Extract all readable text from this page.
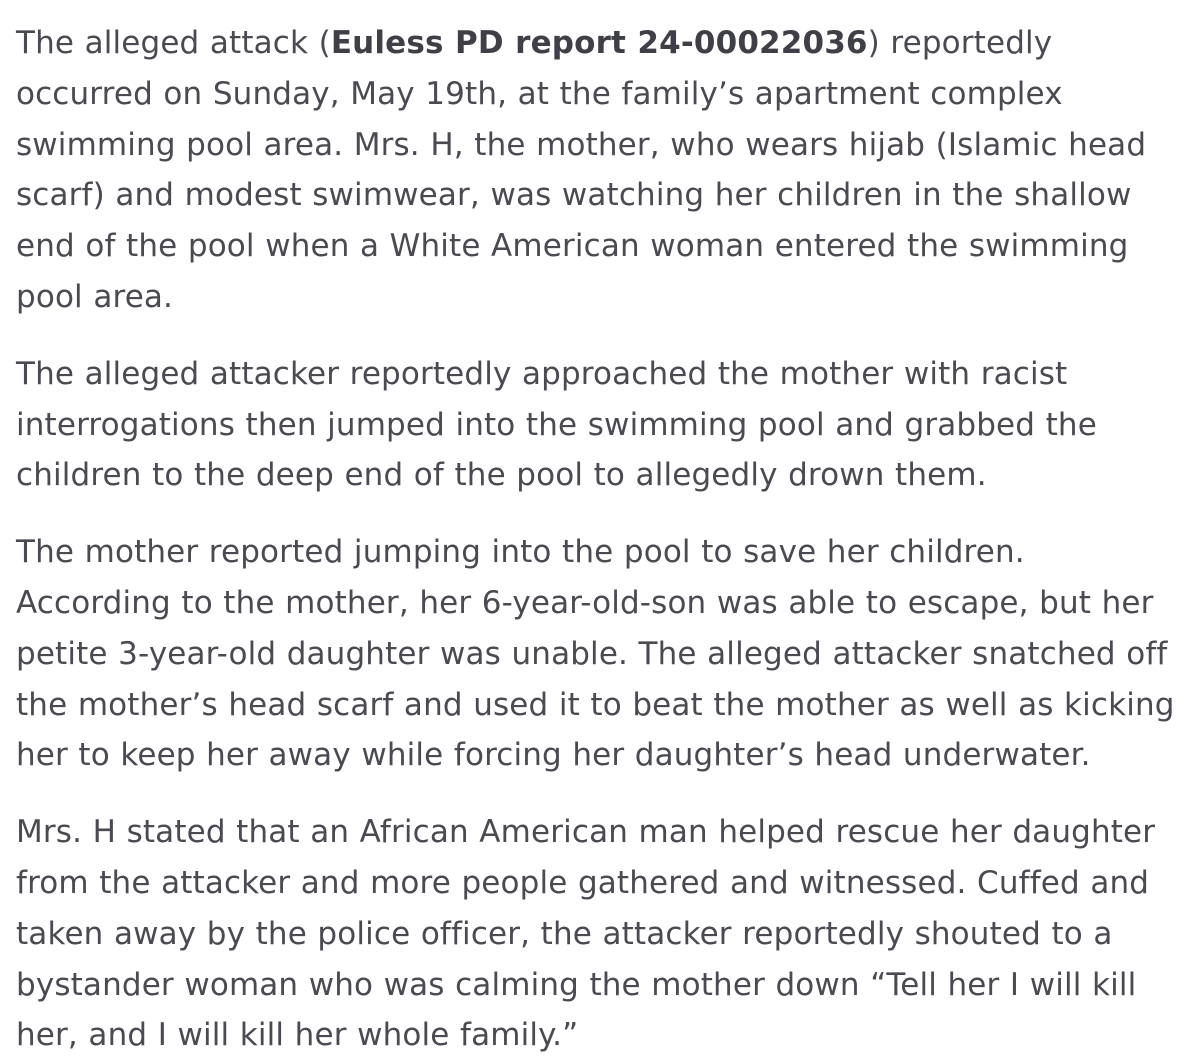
The alleged attack (Euless PD report 24-00022036) reportedly occurred on Sunday, May 19th, at the family’s apartment complex swimming pool area. Mrs. H, the mother, who wears hijab (Islamic head scarf) and modest swimwear, was watching her children in the shallow end of the pool when a White American woman entered the swimming pool area.

The alleged attacker reportedly approached the mother with racist interrogations then jumped into the swimming pool and grabbed the children to the deep end of the pool to allegedly drown them.

The mother reported jumping into the pool to save her children. According to the mother, her 6-year-old-son was able to escape, but her petite 3-year-old daughter was unable. The alleged attacker snatched off the mother’s head scarf and used it to beat the mother as well as kicking her to keep her away while forcing her daughter’s head underwater.

Mrs. H stated that an African American man helped rescue her daughter from the attacker and more people gathered and witnessed. Cuffed and taken away by the police officer, the attacker reportedly shouted to a bystander woman who was calming the mother down “Tell her I will kill her, and I will kill her whole family.”
